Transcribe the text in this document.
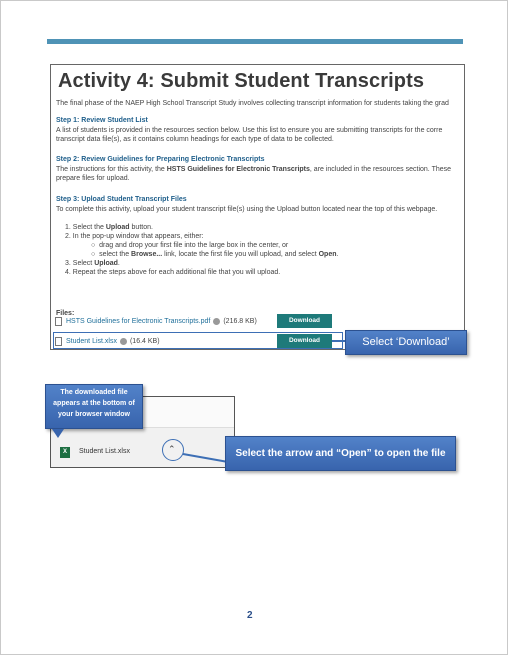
Activity 4: Submit Student Transcripts
The final phase of the NAEP High School Transcript Study involves collecting transcript information for students taking the grad
Step 1: Review Student List
A list of students is provided in the resources section below. Use this list to ensure you are submitting transcripts for the corre
transcript data file(s), as it contains column headings for each type of data to be collected.
Step 2: Review Guidelines for Preparing Electronic Transcripts
The instructions for this activity, the HSTS Guidelines for Electronic Transcripts, are included in the resources section. These
prepare files for upload.
Step 3: Upload Student Transcript Files
To complete this activity, upload your student transcript file(s) using the Upload button located near the top of this webpage.
1. Select the Upload button.
2. In the pop-up window that appears, either:
○  drag and drop your first file into the large box in the center, or
○  select the Browse... link, locate the first file you will upload, and select Open.
3. Select Upload.
4. Repeat the steps above for each additional file that you will upload.
Files:
HSTS Guidelines for Electronic Transcripts.pdf (216.8 KB)	Download
Student List.xlsx (16.4 KB)	Download	Select ‘Download’
X	Student List.xlsx	⌃
The downloaded file appears at the bottom of your browser window
Select the arrow and “Open” to open the file
2
